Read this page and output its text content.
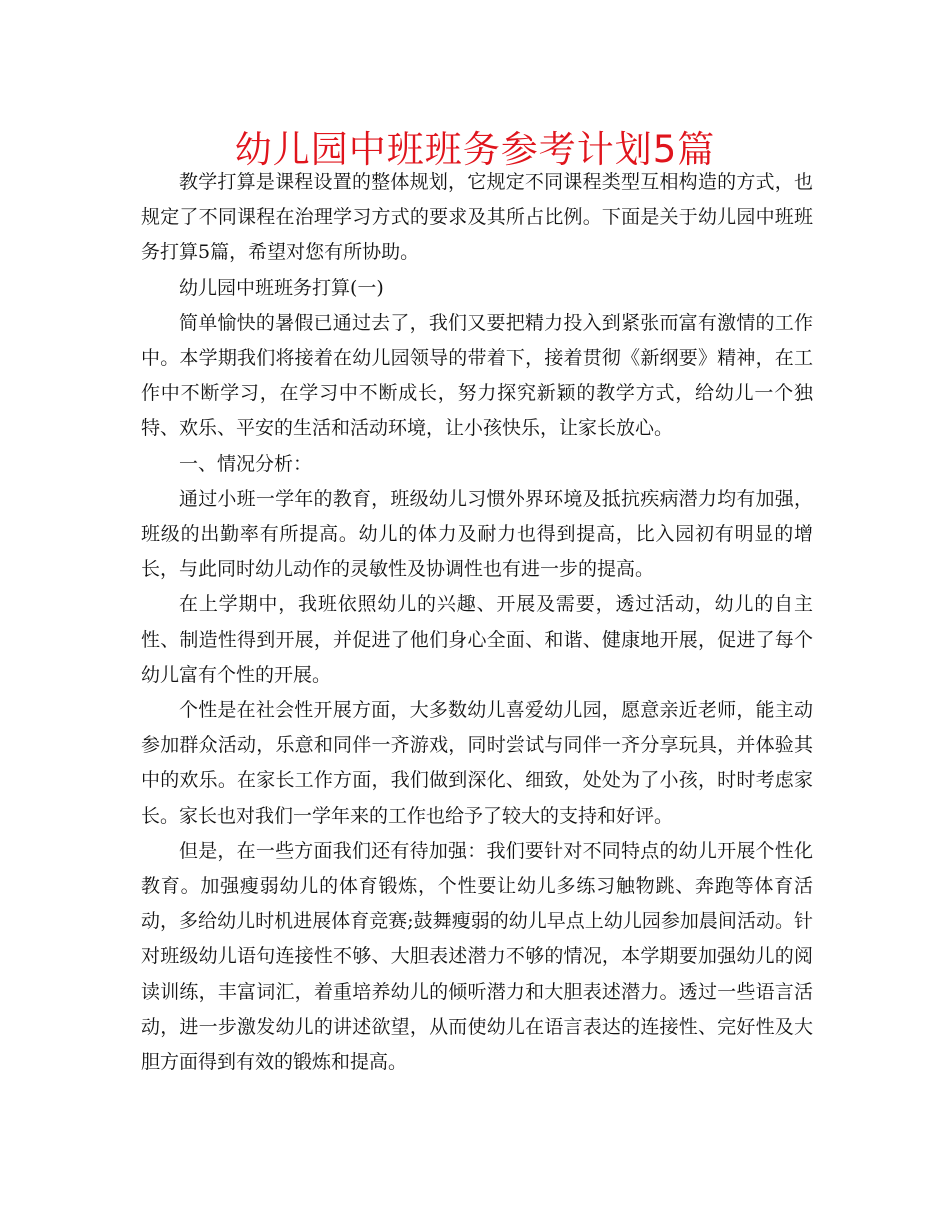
幼儿园中班班务参考计划5篇

教学打算是课程设置的整体规划，它规定不同课程类型互相构造的方式，也规定了不同课程在治理学习方式的要求及其所占比例。下面是关于幼儿园中班班务打算5篇，希望对您有所协助。

幼儿园中班班务打算(一)

简单愉快的暑假已通过去了，我们又要把精力投入到紧张而富有激情的工作中。本学期我们将接着在幼儿园领导的带着下，接着贯彻《新纲要》精神，在工作中不断学习，在学习中不断成长，努力探究新颖的教学方式，给幼儿一个独特、欢乐、平安的生活和活动环境，让小孩快乐，让家长放心。

一、情况分析：

通过小班一学年的教育，班级幼儿习惯外界环境及抵抗疾病潜力均有加强，班级的出勤率有所提高。幼儿的体力及耐力也得到提高，比入园初有明显的增长，与此同时幼儿动作的灵敏性及协调性也有进一步的提高。

在上学期中，我班依照幼儿的兴趣、开展及需要，透过活动，幼儿的自主性、制造性得到开展，并促进了他们身心全面、和谐、健康地开展，促进了每个幼儿富有个性的开展。

个性是在社会性开展方面，大多数幼儿喜爱幼儿园，愿意亲近老师，能主动参加群众活动，乐意和同伴一齐游戏，同时尝试与同伴一齐分享玩具，并体验其中的欢乐。在家长工作方面，我们做到深化、细致，处处为了小孩，时时考虑家长。家长也对我们一学年来的工作也给予了较大的支持和好评。

但是，在一些方面我们还有待加强：我们要针对不同特点的幼儿开展个性化教育。加强瘦弱幼儿的体育锻炼，个性要让幼儿多练习触物跳、奔跑等体育活动，多给幼儿时机进展体育竞赛;鼓舞瘦弱的幼儿早点上幼儿园参加晨间活动。针对班级幼儿语句连接性不够、大胆表述潜力不够的情况，本学期要加强幼儿的阅读训练，丰富词汇，着重培养幼儿的倾听潜力和大胆表述潜力。透过一些语言活动，进一步激发幼儿的讲述欲望，从而使幼儿在语言表达的连接性、完好性及大胆方面得到有效的锻炼和提高。
